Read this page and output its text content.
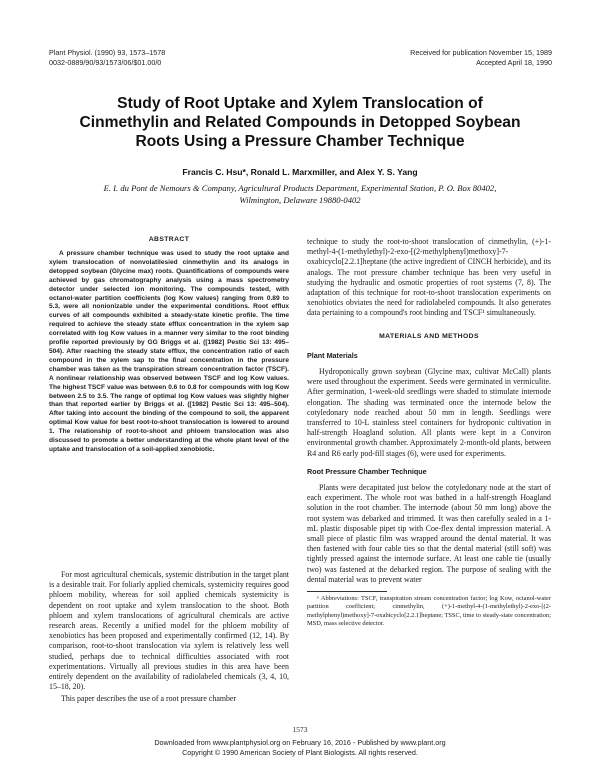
Plant Physiol. (1990) 93, 1573–1578
0032-0889/90/93/1573/06/$01.00/0
Received for publication November 15, 1989
Accepted April 18, 1990
Study of Root Uptake and Xylem Translocation of
Cinmethylin and Related Compounds in Detopped Soybean
Roots Using a Pressure Chamber Technique
Francis C. Hsu*, Ronald L. Marxmiller, and Alex Y. S. Yang
E. I. du Pont de Nemours & Company, Agricultural Products Department, Experimental Station, P. O. Box 80402,
Wilmington, Delaware 19880-0402
ABSTRACT

A pressure chamber technique was used to study the root uptake and xylem translocation of nonvolatilesied cinmethylin and its analogs in detopped soybean (Glycine max) roots. Quantifications of compounds were achieved by gas chromatography analysis using a mass spectrometry detector under selected ion monitoring. The compounds tested, with octanol-water partition coefficients (log Kow values) ranging from 0.89 to 5.3, were all nonionizable under the experimental conditions. Root efflux curves of all compounds exhibited a steady-state kinetic profile. The time required to achieve the steady state efflux concentration in the xylem sap correlated with log Kow values in a manner very similar to the root binding profile reported previously by GG Briggs et al. ([1982] Pestic Sci 13: 495–504). After reaching the steady state efflux, the concentration ratio of each compound in the xylem sap to the final concentration in the pressure chamber was taken as the transpiration stream concentration factor (TSCF). A nonlinear relationship was observed between TSCF and log Kow values. The highest TSCF value was between 0.6 to 0.8 for compounds with log Kow between 2.5 to 3.5. The range of optimal log Kow values was slightly higher than that reported earlier by Briggs et al. ([1982] Pestic Sci 13: 495–504). After taking into account the binding of the compound to soil, the apparent optimal Kow value for best root-to-shoot translocation is lowered to around 1. The relationship of root-to-shoot and phloem translocation was also discussed to promote a better understanding at the whole plant level of the uptake and translocation of a soil-applied xenobiotic.

For most agricultural chemicals, systemic distribution in the target plant is a desirable trait. For foliarly applied chemicals, systemicity requires good phloem mobility, whereas for soil applied chemicals systemicity is dependent on root uptake and xylem translocation to the shoot. Both phloem and xylem translocations of agricultural chemicals are active research areas. Recently a unified model for the phloem mobility of xenobiotics has been proposed and experimentally confirmed (12, 14). By comparison, root-to-shoot translocation via xylem is relatively less well studied, perhaps due to technical difficulties associated with root experimentations. Virtually all previous studies in this area have been entirely dependent on the availability of radiolabeled chemicals (3, 4, 10, 15–18, 20).

This paper describes the use of a root pressure chamber

technique to study the root-to-shoot translocation of cinmethylin, (+)-1-methyl-4-(1-methylethyl)-2-exo-[(2-methylphenyl)methoxy]-7-oxabicyclo[2.2.1]heptane (the active ingredient of CINCH herbicide), and its analogs. The root pressure chamber technique has been very useful in studying the hydraulic and osmotic properties of root systems (7, 8). The adaptation of this technique for root-to-shoot translocation experiments on xenobiotics obviates the need for radiolabeled compounds. It also generates data pertaining to a compound's root binding and TSCF¹ simultaneously.

MATERIALS AND METHODS
Plant Materials

Hydroponically grown soybean (Glycine max, cultivar McCall) plants were used throughout the experiment. Seeds were germinated in vermiculite. After germination, 1-week-old seedlings were shaded to stimulate internode elongation. The shading was terminated once the internode below the cotyledonary node reached about 50 mm in length. Seedlings were transferred to 10-L stainless steel containers for hydroponic cultivation in half-strength Hoagland solution. All plants were kept in a Conviron environmental growth chamber. Approximately 2-month-old plants, between R4 and R6 early pod-fill stages (6), were used for experiments.

Root Pressure Chamber Technique

Plants were decapitated just below the cotyledonary node at the start of each experiment. The whole root was bathed in a half-strength Hoagland solution in the root chamber. The internode (about 50 mm long) above the root system was debarked and trimmed. It was then carefully sealed in a 1-mL plastic disposable pipet tip with Coe-flex dental impression material. A small piece of plastic film was wrapped around the dental material. It was then fastened with four cable ties so that the dental material (still soft) was tightly pressed against the internode surface. At least one cable tie (usually two) was fastened at the debarked region. The purpose of sealing with the dental material was to prevent water

¹ Abbreviations: TSCF, transpiration stream concentration factor; log Kow, octanol-water partition coefficient; cinmethylin, (+)-1-methyl-4-(1-methylethyl)-2-exo-[(2-methylphenyl)methoxy]-7-oxabicyclo[2.2.1]heptane; TSSC, time to steady-state concentration; MSD, mass selective detector.

1573
Downloaded from www.plantphysiol.org on February 16, 2016 - Published by www.plant.org
Copyright © 1990 American Society of Plant Biologists. All rights reserved.
